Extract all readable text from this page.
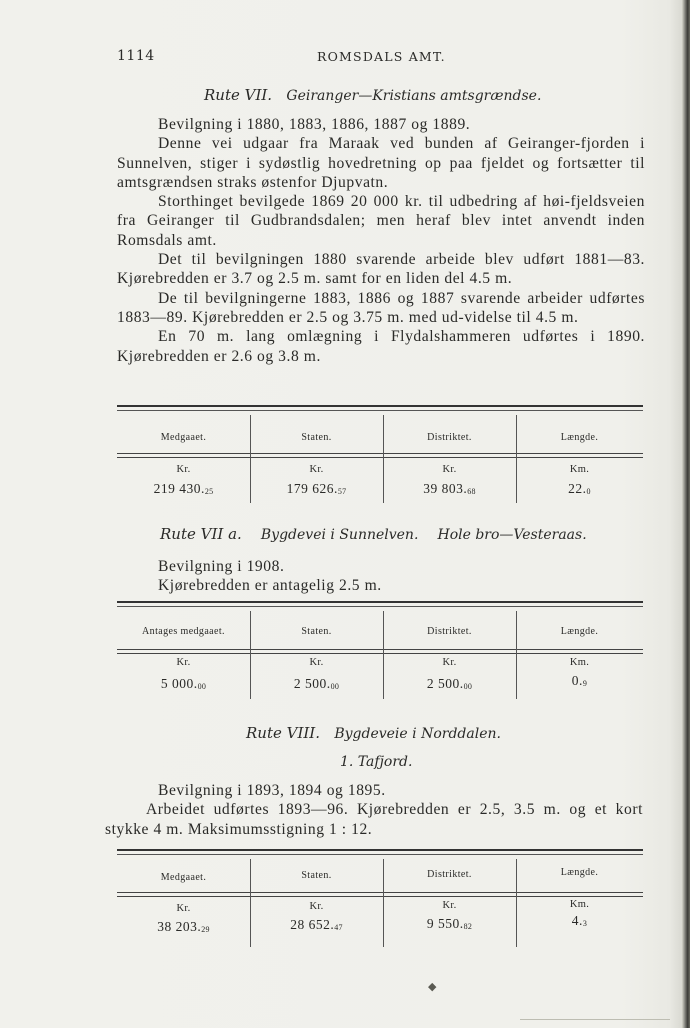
1114	ROMSDALS AMT.
Rute VII. Geiranger—Kristians amtsgrændse.

Bevilgning i 1880, 1883, 1886, 1887 og 1889.

Denne vei udgaar fra Maraak ved bunden af Geiranger-fjorden i Sunnelven, stiger i sydøstlig hovedretning op paa fjeldet og fortsætter til amtsgrændsen straks østenfor Djupvatn.

Storthinget bevilgede 1869 20 000 kr. til udbedring af høi-fjeldsveien fra Geiranger til Gudbrandsdalen; men heraf blev intet anvendt inden Romsdals amt.

Det til bevilgningen 1880 svarende arbeide blev udført 1881—83. Kjørebredden er 3.7 og 2.5 m. samt for en liden del 4.5 m.

De til bevilgningerne 1883, 1886 og 1887 svarende arbeider udførtes 1883—89. Kjørebredden er 2.5 og 3.75 m. med ud-videlse til 4.5 m.

En 70 m. lang omlægning i Flydalshammeren udførtes i 1890. Kjørebredden er 2.6 og 3.8 m.

Medgaaet.	Staten.	Distriktet.	Længde.
Kr.	Kr.	Kr.	Km.
219 430.25	179 626.57	39 803.68	22.0
Rute VII a. Bygdevei i Sunnelven. Hole bro—Vesteraas.

Bevilgning i 1908.

Kjørebredden er antagelig 2.5 m.

Antages medgaaet.	Staten.	Distriktet.	Længde.
Kr.	Kr.	Kr.	Km.
5 000.00	2 500.00	2 500.00	0.9
Rute VIII. Bygdeveie i Norddalen.
1. Tafjord.

Bevilgning i 1893, 1894 og 1895.

Arbeidet udførtes 1893—96. Kjørebredden er 2.5, 3.5 m. og et kort stykke 4 m. Maksimumsstigning 1 : 12.

Medgaaet.	Staten.	Distriktet.	Længde.
Kr.	Kr.	Kr.	Km.
38 203.29	28 652.47	9 550.82	4.3
◆
